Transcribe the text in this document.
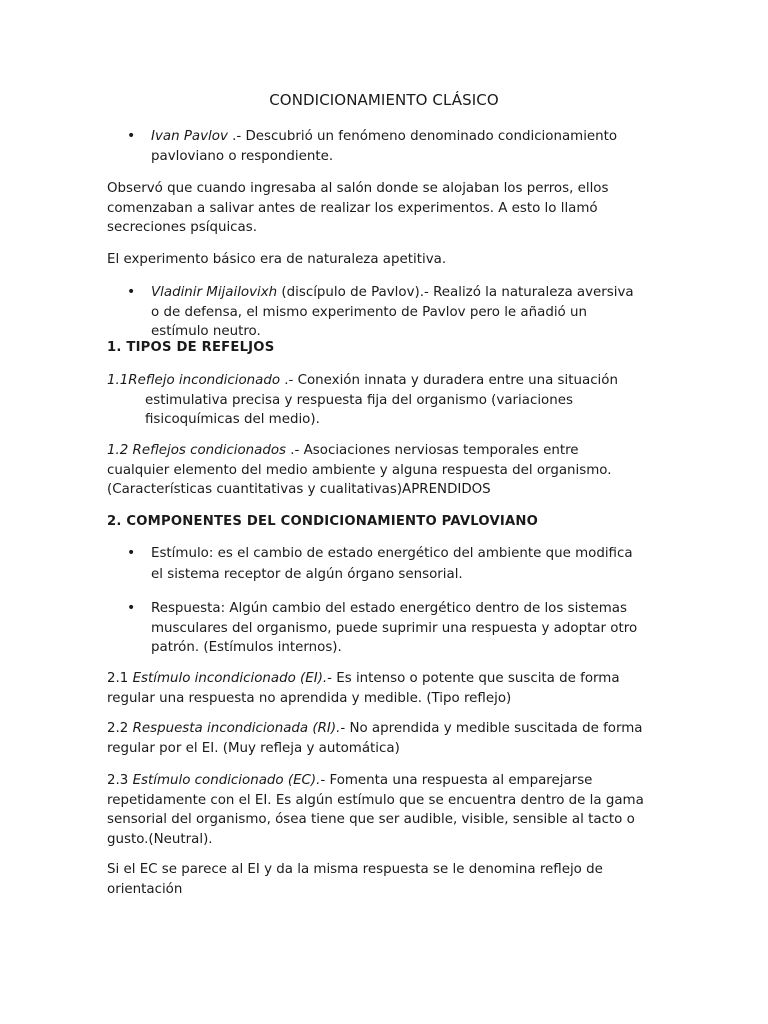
CONDICIONAMIENTO CLÁSICO
• Ivan Pavlov .- Descubrió un fenómeno denominado condicionamiento
pavloviano o respondiente.
Observó que cuando ingresaba al salón donde se alojaban los perros, ellos
comenzaban a salivar antes de realizar los experimentos. A esto lo llamó
secreciones psíquicas.
El experimento básico era de naturaleza apetitiva.
• Vladinir Mijailovixh (discípulo de Pavlov).- Realizó la naturaleza aversiva
o de defensa, el mismo experimento de Pavlov pero le añadió un
estímulo neutro.
1. TIPOS DE REFELJOS
1.1Reflejo incondicionado .- Conexión innata y duradera entre una situación
estimulativa precisa y respuesta fija del organismo (variaciones
fisicoquímicas del medio).
1.2 Reflejos condicionados .- Asociaciones nerviosas temporales entre
cualquier elemento del medio ambiente y alguna respuesta del organismo.
(Características cuantitativas y cualitativas)APRENDIDOS
2. COMPONENTES DEL CONDICIONAMIENTO PAVLOVIANO
• Estímulo: es el cambio de estado energético del ambiente que modifica
el sistema receptor de algún órgano sensorial.
• Respuesta: Algún cambio del estado energético dentro de los sistemas
musculares del organismo, puede suprimir una respuesta y adoptar otro
patrón. (Estímulos internos).
2.1 Estímulo incondicionado (EI).- Es intenso o potente que suscita de forma
regular una respuesta no aprendida y medible. (Tipo reflejo)
2.2 Respuesta incondicionada (RI).- No aprendida y medible suscitada de forma
regular por el EI. (Muy refleja y automática)
2.3 Estímulo condicionado (EC).- Fomenta una respuesta al emparejarse
repetidamente con el EI. Es algún estímulo que se encuentra dentro de la gama
sensorial del organismo, ósea tiene que ser audible, visible, sensible al tacto o
gusto.(Neutral).
Si el EC se parece al EI y da la misma respuesta se le denomina reflejo de
orientación
